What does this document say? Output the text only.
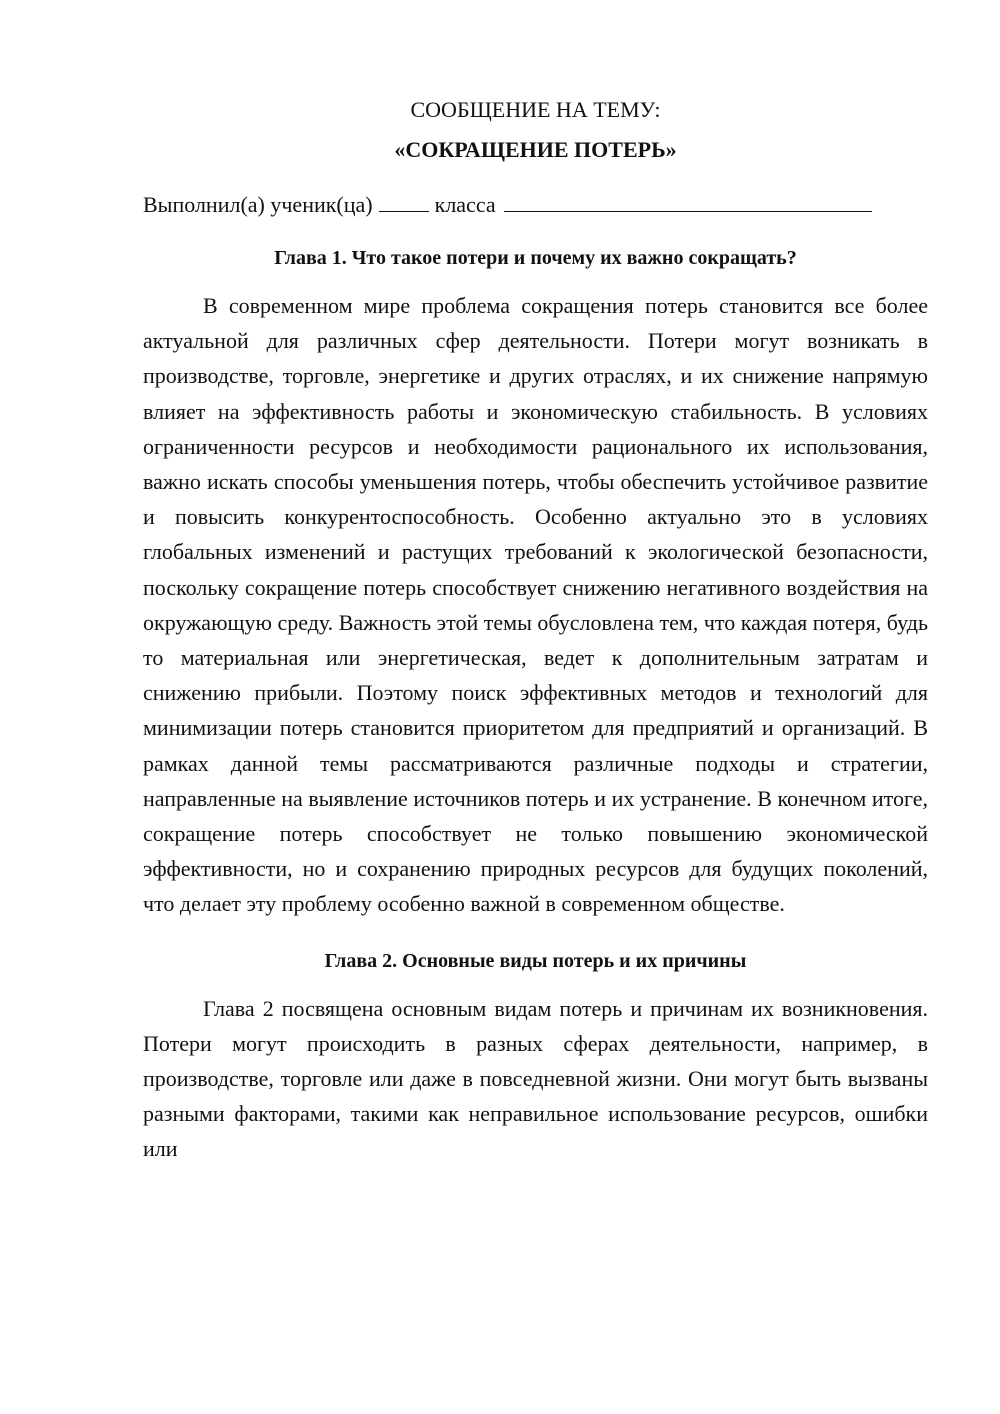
СООБЩЕНИЕ НА ТЕМУ:

«СОКРАЩЕНИЕ ПОТЕРЬ»

Выполнил(а) ученик(ца)	класса

Глава 1. Что такое потери и почему их важно сокращать?

В современном мире проблема сокращения потерь становится все более актуальной для различных сфер деятельности. Потери могут возникать в производстве, торговле, энергетике и других отраслях, и их снижение напрямую влияет на эффективность работы и экономическую стабильность. В условиях ограниченности ресурсов и необходимости рационального их использования, важно искать способы уменьшения потерь, чтобы обеспечить устойчивое развитие и повысить конкурентоспособность. Особенно актуально это в условиях глобальных изменений и растущих требований к экологической безопасности, поскольку сокращение потерь способствует снижению негативного воздействия на окружающую среду. Важность этой темы обусловлена тем, что каждая потеря, будь то материальная или энергетическая, ведет к дополнительным затратам и снижению прибыли. Поэтому поиск эффективных методов и технологий для минимизации потерь становится приоритетом для предприятий и организаций. В рамках данной темы рассматриваются различные подходы и стратегии, направленные на выявление источников потерь и их устранение. В конечном итоге, сокращение потерь способствует не только повышению экономической эффективности, но и сохранению природных ресурсов для будущих поколений, что делает эту проблему особенно важной в современном обществе.

Глава 2. Основные виды потерь и их причины

Глава 2 посвящена основным видам потерь и причинам их возникновения. Потери могут происходить в разных сферах деятельности, например, в производстве, торговле или даже в повседневной жизни. Они могут быть вызваны разными факторами, такими как неправильное использование ресурсов, ошибки или
